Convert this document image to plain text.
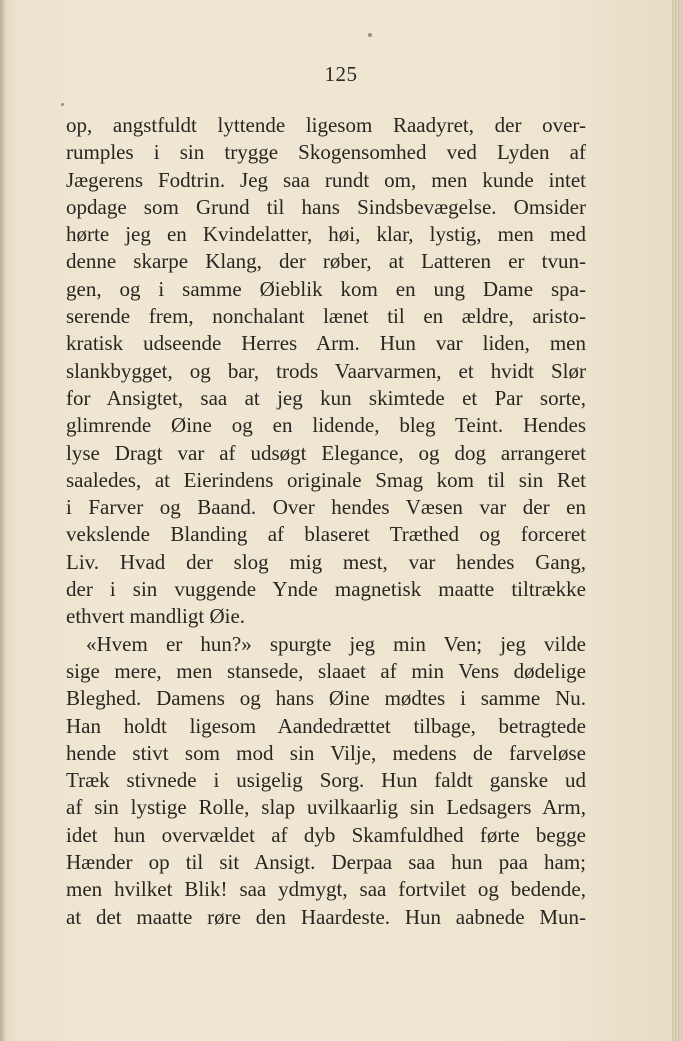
125
op, angstfuldt lyttende ligesom Raadyret, der over-
rumples i sin trygge Skogensomhed ved Lyden af
Jægerens Fodtrin. Jeg saa rundt om, men kunde intet
opdage som Grund til hans Sindsbevægelse. Omsider
hørte jeg en Kvindelatter, høi, klar, lystig, men med
denne skarpe Klang, der røber, at Latteren er tvun-
gen, og i samme Øieblik kom en ung Dame spa-
serende frem, nonchalant lænet til en ældre, aristo-
kratisk udseende Herres Arm. Hun var liden, men
slankbygget, og bar, trods Vaarvarmen, et hvidt Slør
for Ansigtet, saa at jeg kun skimtede et Par sorte,
glimrende Øine og en lidende, bleg Teint. Hendes
lyse Dragt var af udsøgt Elegance, og dog arrangeret
saaledes, at Eierindens originale Smag kom til sin Ret
i Farver og Baand. Over hendes Væsen var der en
vekslende Blanding af blaseret Træthed og forceret
Liv. Hvad der slog mig mest, var hendes Gang,
der i sin vuggende Ynde magnetisk maatte tiltrække
ethvert mandligt Øie.
«Hvem er hun?» spurgte jeg min Ven; jeg vilde
sige mere, men stansede, slaaet af min Vens dødelige
Bleghed. Damens og hans Øine mødtes i samme Nu.
Han holdt ligesom Aandedrættet tilbage, betragtede
hende stivt som mod sin Vilje, medens de farveløse
Træk stivnede i usigelig Sorg. Hun faldt ganske ud
af sin lystige Rolle, slap uvilkaarlig sin Ledsagers Arm,
idet hun overvældet af dyb Skamfuldhed førte begge
Hænder op til sit Ansigt. Derpaa saa hun paa ham;
men hvilket Blik! saa ydmygt, saa fortvilet og bedende,
at det maatte røre den Haardeste. Hun aabnede Mun-
